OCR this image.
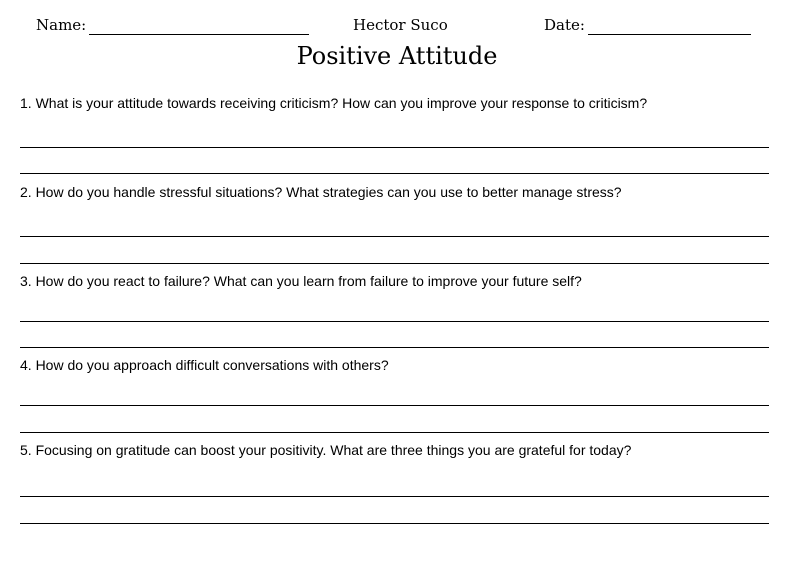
Name:	Hector Suco	Date:
Positive Attitude
1. What is your attitude towards receiving criticism? How can you improve your response to criticism?
2. How do you handle stressful situations? What strategies can you use to better manage stress?
3. How do you react to failure? What can you learn from failure to improve your future self?
4. How do you approach difficult conversations with others?
5. Focusing on gratitude can boost your positivity. What are three things you are grateful for today?
